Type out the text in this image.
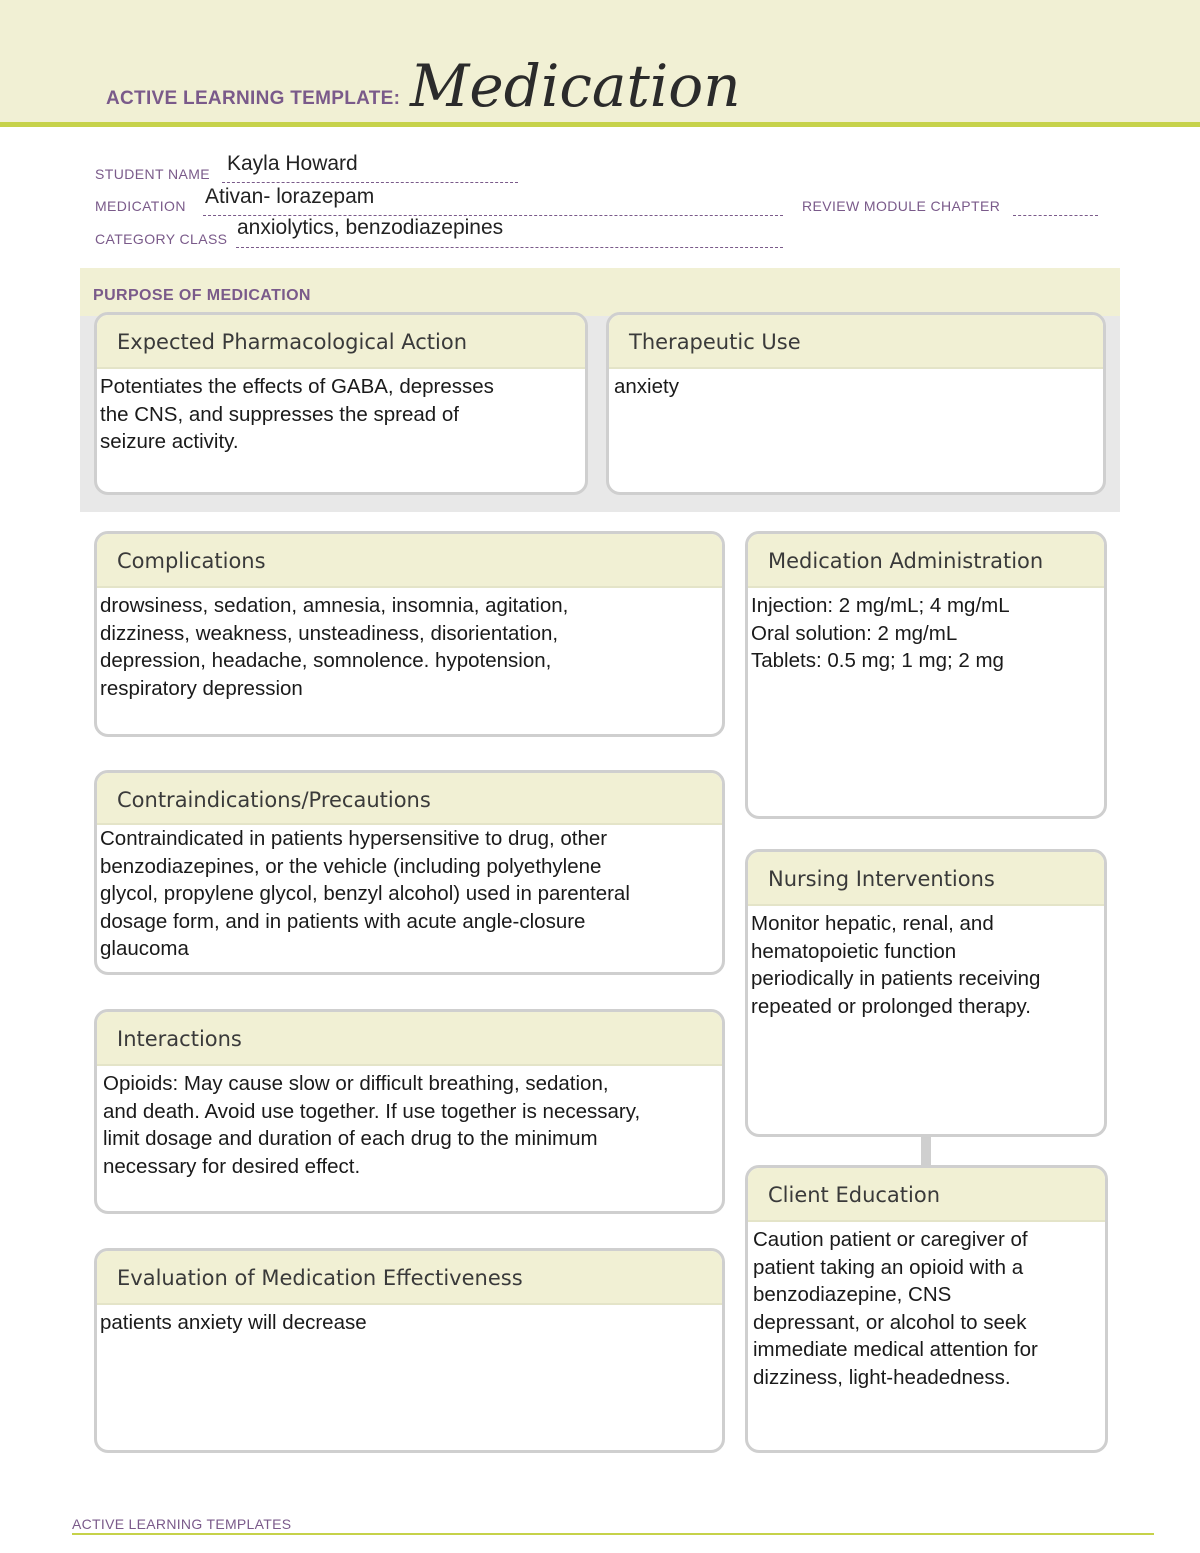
ACTIVE LEARNING TEMPLATE: Medication
STUDENT NAME Kayla Howard
MEDICATION Ativan- lorazepam	REVIEW MODULE CHAPTER
CATEGORY CLASS anxiolytics, benzodiazepines
PURPOSE OF MEDICATION
Expected Pharmacological Action
Potentiates the effects of GABA, depresses
the CNS, and suppresses the spread of
seizure activity.
Therapeutic Use
anxiety
Complications
drowsiness, sedation, amnesia, insomnia, agitation,
dizziness, weakness, unsteadiness, disorientation,
depression, headache, somnolence. hypotension,
respiratory depression
Contraindications/Precautions
Contraindicated in patients hypersensitive to drug, other
benzodiazepines, or the vehicle (including polyethylene
glycol, propylene glycol, benzyl alcohol) used in parenteral
dosage form, and in patients with acute angle-closure
glaucoma
Interactions
Opioids: May cause slow or difficult breathing, sedation,
and death. Avoid use together. If use together is necessary,
limit dosage and duration of each drug to the minimum
necessary for desired effect.
Evaluation of Medication Effectiveness
patients anxiety will decrease
Medication Administration
Injection: 2 mg/mL; 4 mg/mL
Oral solution: 2 mg/mL
Tablets: 0.5 mg; 1 mg; 2 mg
Nursing Interventions
Monitor hepatic, renal, and
hematopoietic function
periodically in patients receiving
repeated or prolonged therapy.
Client Education
Caution patient or caregiver of
patient taking an opioid with a
benzodiazepine, CNS
depressant, or alcohol to seek
immediate medical attention for
dizziness, light-headedness.
ACTIVE LEARNING TEMPLATES
